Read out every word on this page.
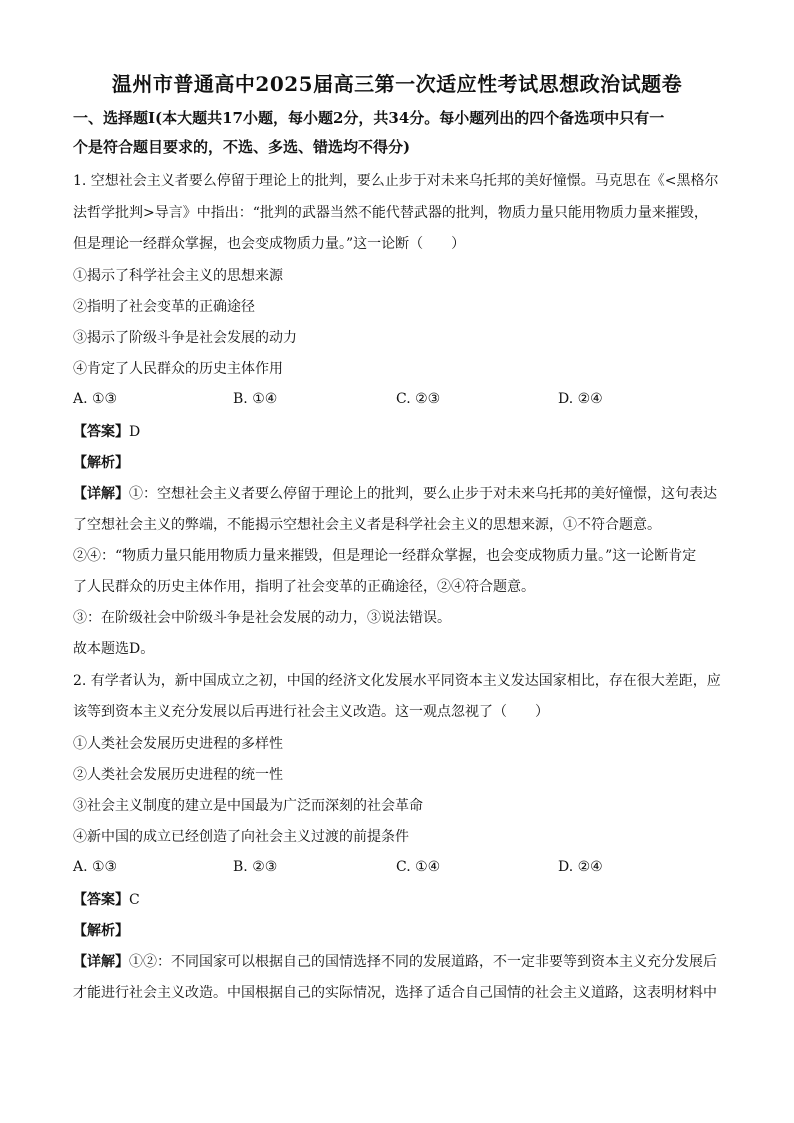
温州市普通高中2025届高三第一次适应性考试思想政治试题卷
一、选择题Ⅰ(本大题共17小题，每小题2分，共34分。每小题列出的四个备选项中只有一
个是符合题目要求的，不选、多选、错选均不得分)
1. 空想社会主义者要么停留于理论上的批判，要么止步于对未来乌托邦的美好憧憬。马克思在《<黑格尔
法哲学批判>导言》中指出：“批判的武器当然不能代替武器的批判，物质力量只能用物质力量来摧毁，
但是理论一经群众掌握，也会变成物质力量。”这一论断（　　）
①揭示了科学社会主义的思想来源
②指明了社会变革的正确途径
③揭示了阶级斗争是社会发展的动力
④肯定了人民群众的历史主体作用
A. ①③	B. ①④	C. ②③	D. ②④
【答案】D
【解析】
【详解】①：空想社会主义者要么停留于理论上的批判，要么止步于对未来乌托邦的美好憧憬，这句表达
了空想社会主义的弊端，不能揭示空想社会主义者是科学社会主义的思想来源，①不符合题意。
②④：“物质力量只能用物质力量来摧毁，但是理论一经群众掌握，也会变成物质力量。”这一论断肯定
了人民群众的历史主体作用，指明了社会变革的正确途径，②④符合题意。
③：在阶级社会中阶级斗争是社会发展的动力，③说法错误。
故本题选D。
2. 有学者认为，新中国成立之初，中国的经济文化发展水平同资本主义发达国家相比，存在很大差距，应
该等到资本主义充分发展以后再进行社会主义改造。这一观点忽视了（　　）
①人类社会发展历史进程的多样性
②人类社会发展历史进程的统一性
③社会主义制度的建立是中国最为广泛而深刻的社会革命
④新中国的成立已经创造了向社会主义过渡的前提条件
A. ①③	B. ②③	C. ①④	D. ②④
【答案】C
【解析】
【详解】①②：不同国家可以根据自己的国情选择不同的发展道路，不一定非要等到资本主义充分发展后
才能进行社会主义改造。中国根据自己的实际情况，选择了适合自己国情的社会主义道路，这表明材料中
